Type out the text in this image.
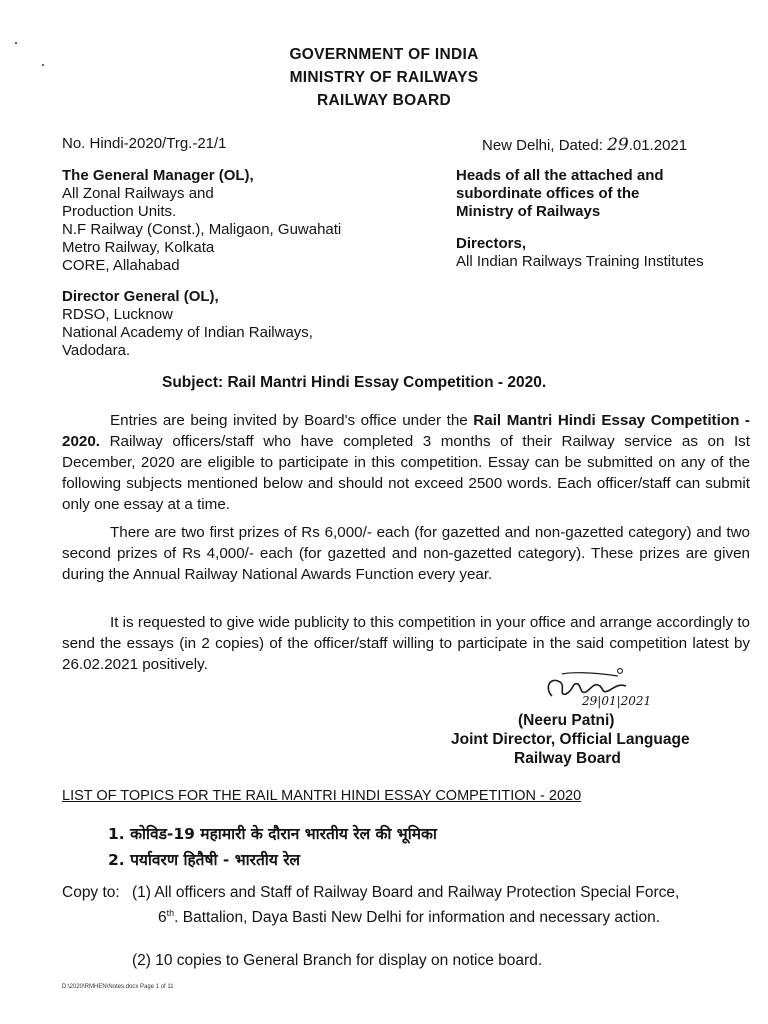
GOVERNMENT OF INDIA
MINISTRY OF RAILWAYS
RAILWAY BOARD
No. Hindi-2020/Trg.-21/1	New Delhi, Dated: 29.01.2021
The General Manager (OL),
All Zonal Railways and
Production Units.
N.F Railway (Const.), Maligaon, Guwahati
Metro Railway, Kolkata
CORE, Allahabad
Heads of all the attached and
subordinate offices of the
Ministry of Railways
Directors,
All Indian Railways Training Institutes
Director General (OL),
RDSO, Lucknow
National Academy of Indian Railways,
Vadodara.
Subject: Rail Mantri Hindi Essay Competition - 2020.

Entries are being invited by Board's office under the Rail Mantri Hindi Essay Competition - 2020. Railway officers/staff who have completed 3 months of their Railway service as on Ist December, 2020 are eligible to participate in this competition. Essay can be submitted on any of the following subjects mentioned below and should not exceed 2500 words. Each officer/staff can submit only one essay at a time.

There are two first prizes of Rs 6,000/- each (for gazetted and non-gazetted category) and two second prizes of Rs 4,000/- each (for gazetted and non-gazetted category). These prizes are given during the Annual Railway National Awards Function every year.

It is requested to give wide publicity to this competition in your office and arrange accordingly to send the essays (in 2 copies) of the officer/staff willing to participate in the said competition latest by 26.02.2021 positively.

29|01|2021
(Neeru Patni)
Joint Director, Official Language
Railway Board
LIST OF TOPICS FOR THE RAIL MANTRI HINDI ESSAY COMPETITION - 2020
1. कोविड-19 महामारी के दौरान भारतीय रेल की भूमिका
2. पर्यावरण हितैषी - भारतीय रेल
Copy to: (1) All officers and Staff of Railway Board and Railway Protection Special Force,
6th. Battalion, Daya Basti New Delhi for information and necessary action.
(2) 10 copies to General Branch for display on notice board.
D:\2020\RMHEN\Notes.docx Page 1 of 11
